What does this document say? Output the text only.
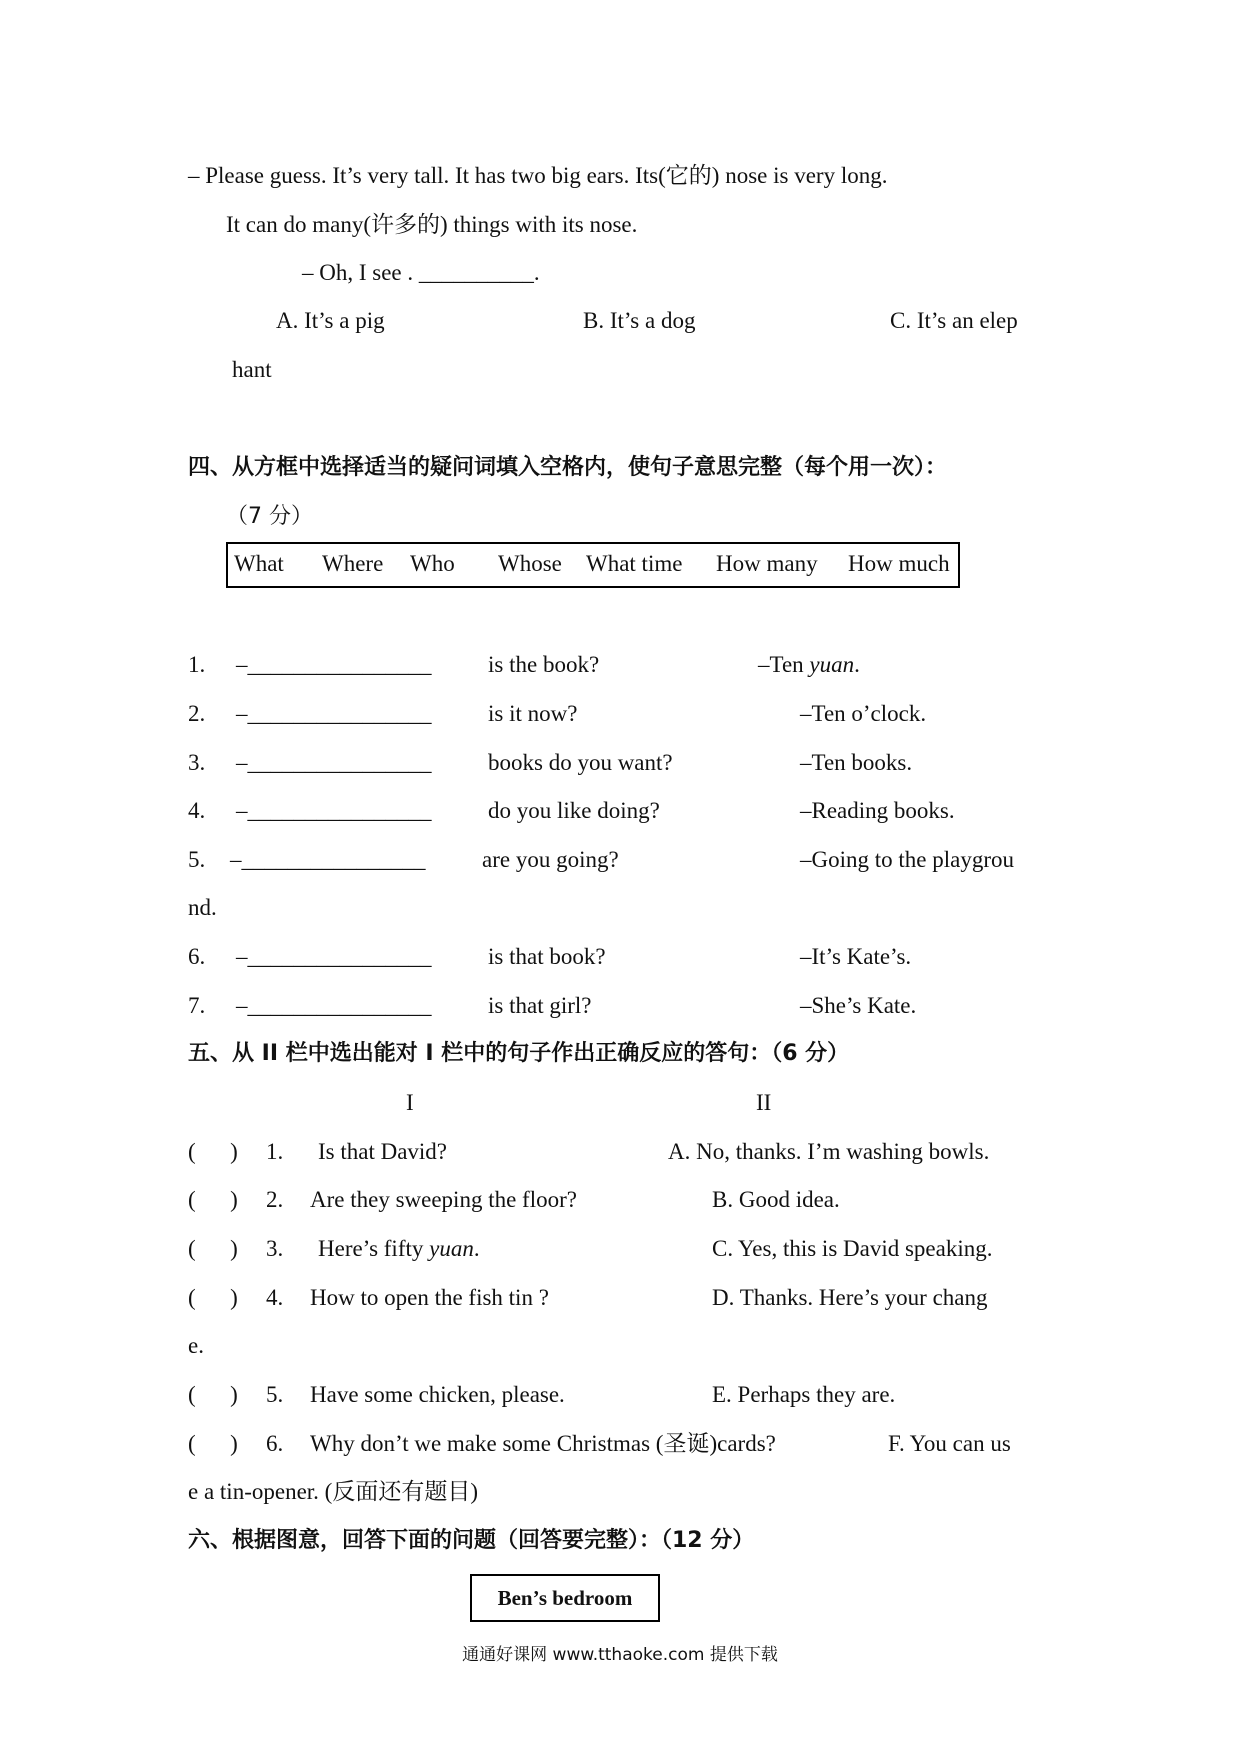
– Please guess. It’s very tall. It has two big ears. Its(它的) nose is very long.
It can do many(许多的) things with its nose.
– Oh, I see . __________.
A. It’s a pig	B. It’s a dog	C. It’s an elep
hant
四、从方框中选择适当的疑问词填入空格内，使句子意思完整（每个用一次）：
（7 分）
What Where Who Whose What time How many How much
1. –________________ is the book?	–Ten yuan.
2. –________________ is it now?	–Ten o’clock.
3. –________________ books do you want?	–Ten books.
4. –________________ do you like doing?	–Reading books.
5. –________________ are you going?	–Going to the playgrou
nd.
6. –________________ is that book?	–It’s Kate’s.
7. –________________ is that girl?	–She’s Kate.
五、从 II 栏中选出能对 I 栏中的句子作出正确反应的答句：（6 分）
I	II
(      ) 1. Is that David?	A. No, thanks. I’m washing bowls.
(      ) 2. Are they sweeping the floor?	B. Good idea.
(      ) 3. Here’s fifty yuan.	C. Yes, this is David speaking.
(      ) 4. How to open the fish tin ?	D. Thanks. Here’s your chang
e.
(      ) 5. Have some chicken, please.	E. Perhaps they are.
(      ) 6. Why don’t we make some Christmas (圣诞)cards?	F. You can us
e a tin-opener. (反面还有题目)
六、根据图意，回答下面的问题（回答要完整）：（12 分）
Ben’s bedroom
通通好课网 www.tthaoke.com 提供下载
